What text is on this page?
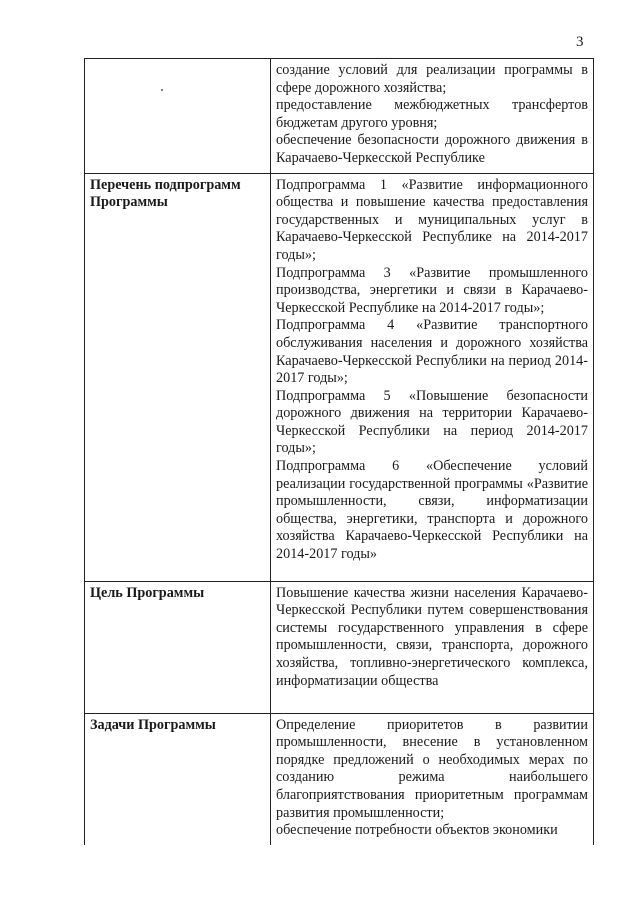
3

	создание условий для реализации программы в сфере дорожного хозяйства;
предоставление межбюджетных трансфертов бюджетам другого уровня;
обеспечение безопасности дорожного движения в Карачаево-Черкесской Республике

Перечень подпрограмм Программы	Подпрограмма 1 «Развитие информационного общества и повышение качества предоставления государственных и муниципальных услуг в Карачаево-Черкесской Республике на 2014-2017 годы»;
Подпрограмма 3 «Развитие промышленного производства, энергетики и связи в Карачаево-Черкесской Республике на 2014-2017 годы»;
Подпрограмма 4 «Развитие транспортного обслуживания населения и дорожного хозяйства Карачаево-Черкесской Республики на период 2014-2017 годы»;
Подпрограмма 5 «Повышение безопасности дорожного движения на территории Карачаево-Черкесской Республики на период 2014-2017 годы»;
Подпрограмма 6 «Обеспечение условий реализации государственной программы «Развитие промышленности, связи, информатизации общества, энергетики, транспорта и дорожного хозяйства Карачаево-Черкесской Республики на 2014-2017 годы»

Цель Программы	Повышение качества жизни населения Карачаево-Черкесской Республики путем совершенствования системы государственного управления в сфере промышленности, связи, транспорта, дорожного хозяйства, топливно-энергетического комплекса, информатизации общества

Задачи Программы	Определение приоритетов в развитии промышленности, внесение в установленном порядке предложений о необходимых мерах по созданию режима наибольшего благоприятствования приоритетным программам развития промышленности;
обеспечение потребности объектов экономики
